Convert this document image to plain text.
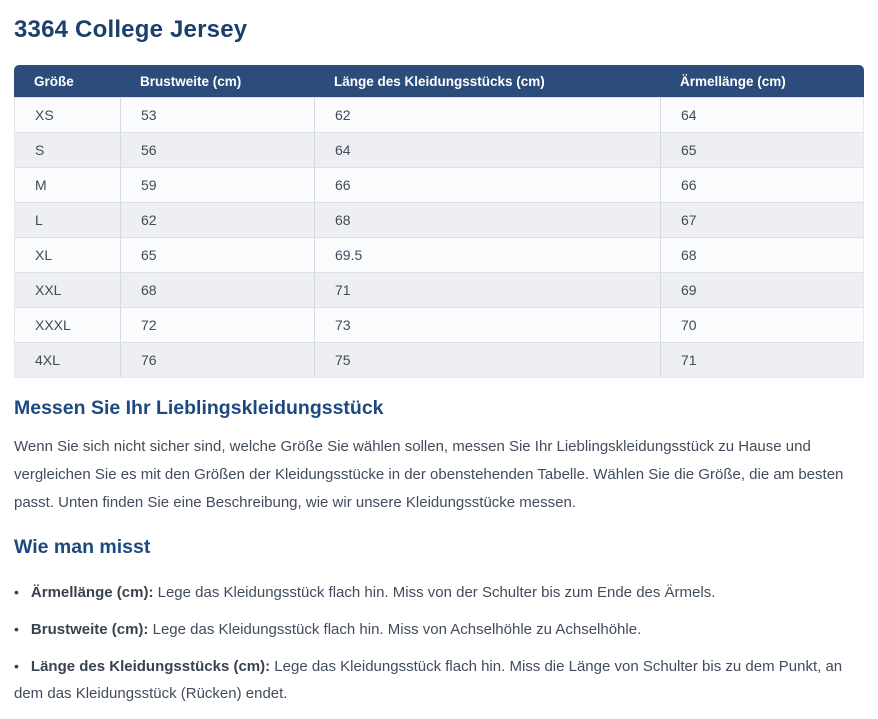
3364 College Jersey
Größe	Brustweite (cm)	Länge des Kleidungsstücks (cm)	Ärmellänge (cm)
XS	53	62	64
S	56	64	65
M	59	66	66
L	62	68	67
XL	65	69.5	68
XXL	68	71	69
XXXL	72	73	70
4XL	76	75	71
Messen Sie Ihr Lieblingskleidungsstück

Wenn Sie sich nicht sicher sind, welche Größe Sie wählen sollen, messen Sie Ihr Lieblingskleidungsstück zu Hause und vergleichen Sie es mit den Größen der Kleidungsstücke in der obenstehenden Tabelle. Wählen Sie die Größe, die am besten passt. Unten finden Sie eine Beschreibung, wie wir unsere Kleidungsstücke messen.

Wie man misst
• Ärmellänge (cm): Lege das Kleidungsstück flach hin. Miss von der Schulter bis zum Ende des Ärmels.
• Brustweite (cm): Lege das Kleidungsstück flach hin. Miss von Achselhöhle zu Achselhöhle.
• Länge des Kleidungsstücks (cm): Lege das Kleidungsstück flach hin. Miss die Länge von Schulter bis zu dem Punkt, an dem das Kleidungsstück (Rücken) endet.
